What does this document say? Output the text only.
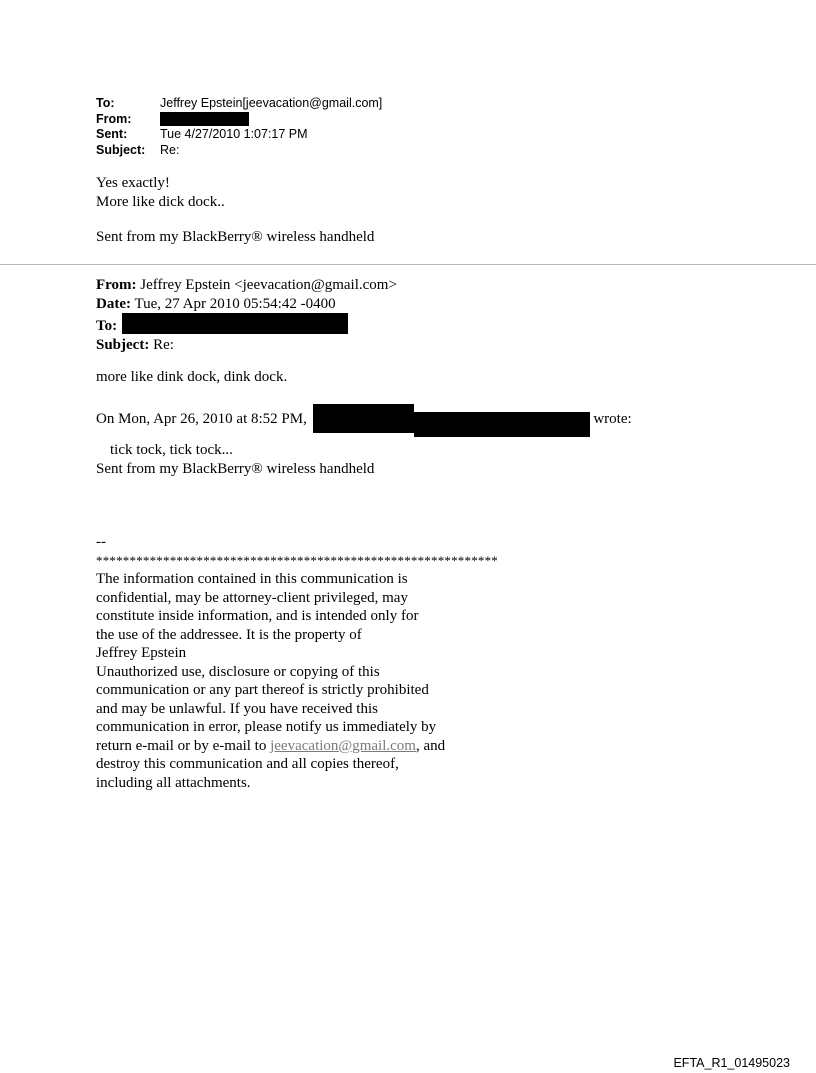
To:	Jeffrey Epstein[jeevacation@gmail.com]
From:
Sent:	Tue 4/27/2010 1:07:17 PM
Subject:	Re:

Yes exactly!

More like dick dock..

Sent from my BlackBerry® wireless handheld

From: Jeffrey Epstein <jeevacation@gmail.com>
Date: Tue, 27 Apr 2010 05:54:42 -0400
To:
Subject: Re:

more like dink dock, dink dock.

On Mon, Apr 26, 2010 at 8:52 PM,	wrote:

tick tock, tick tock...

Sent from my BlackBerry® wireless handheld

--

************************************************************

The information contained in this communication is

confidential, may be attorney-client privileged, may

constitute inside information, and is intended only for

the use of the addressee. It is the property of

Jeffrey Epstein

Unauthorized use, disclosure or copying of this

communication or any part thereof is strictly prohibited

and may be unlawful. If you have received this

communication in error, please notify us immediately by

return e-mail or by e-mail to jeevacation@gmail.com, and

destroy this communication and all copies thereof,

including all attachments.

EFTA_R1_01495023
